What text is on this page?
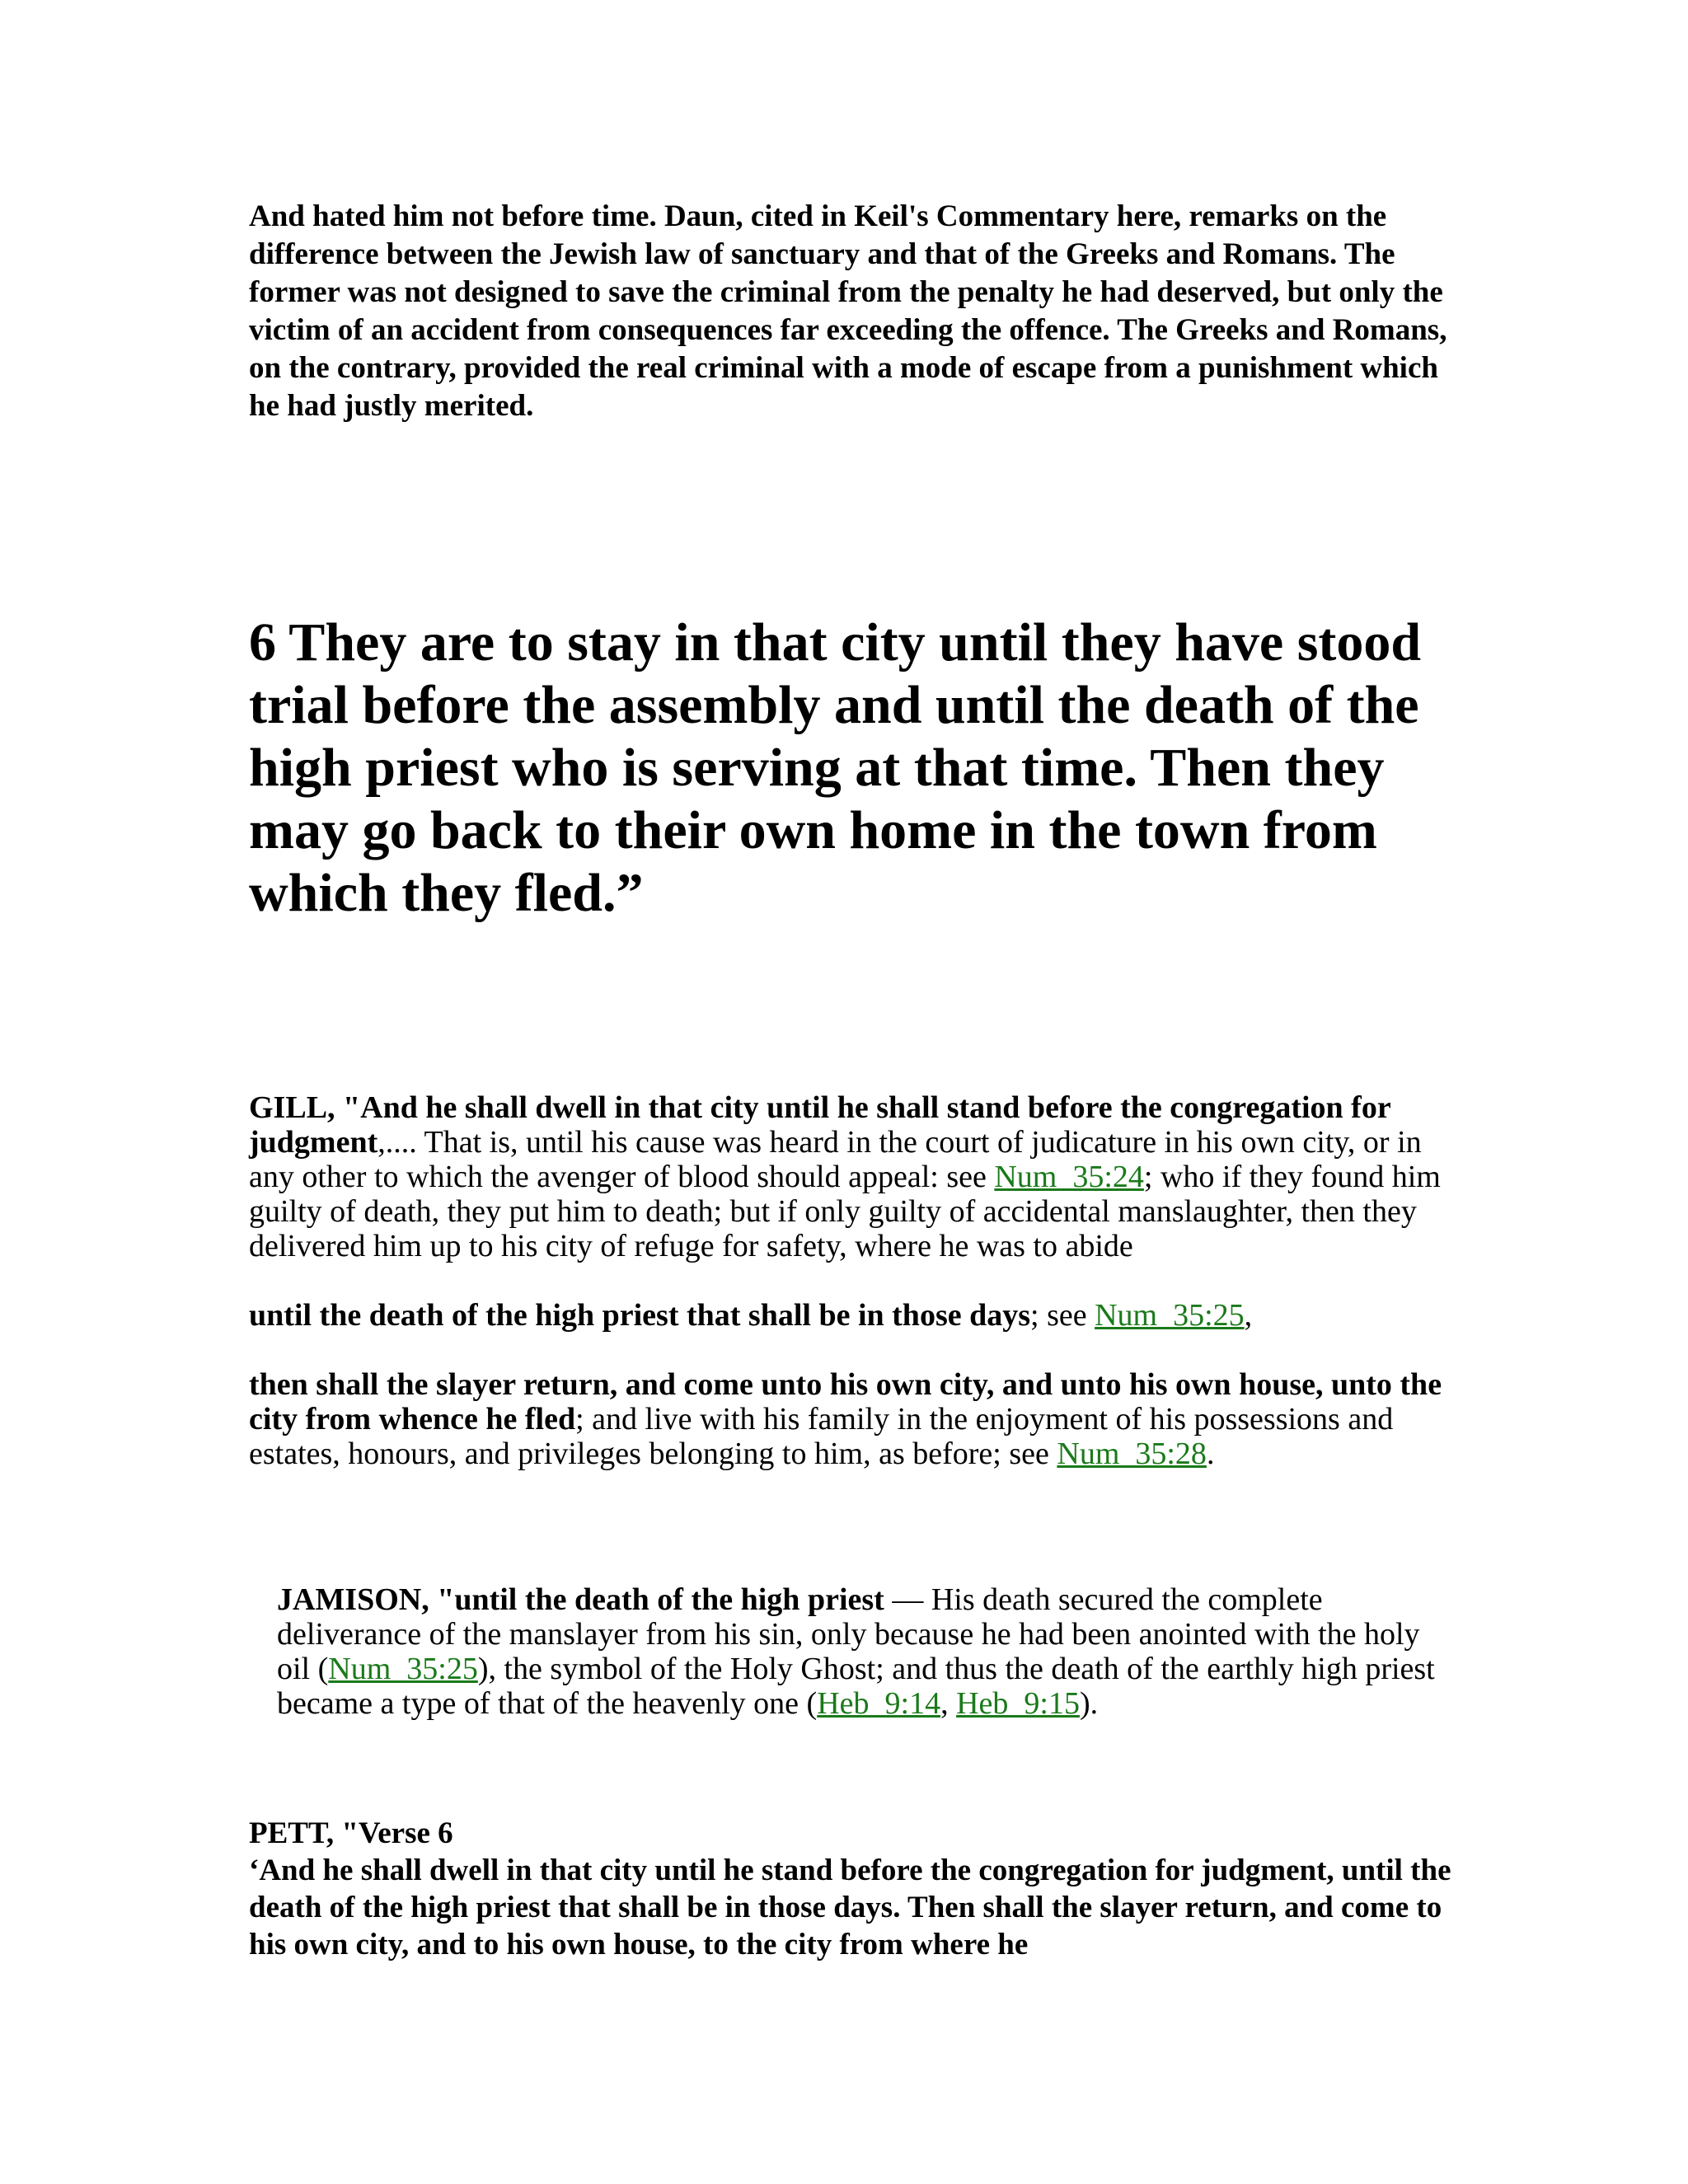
And hated him not before time. Daun, cited in Keil's Commentary here, remarks on the difference between the Jewish law of sanctuary and that of the Greeks and Romans. The former was not designed to save the criminal from the penalty he had deserved, but only the victim of an accident from consequences far exceeding the offence. The Greeks and Romans, on the contrary, provided the real criminal with a mode of escape from a punishment which he had justly merited.
6 They are to stay in that city until they have stood trial before the assembly and until the death of the high priest who is serving at that time. Then they may go back to their own home in the town from which they fled.”

GILL, "And he shall dwell in that city until he shall stand before the congregation for judgment,.... That is, until his cause was heard in the court of judicature in his own city, or in any other to which the avenger of blood should appeal: see Num_35:24; who if they found him guilty of death, they put him to death; but if only guilty of accidental manslaughter, then they delivered him up to his city of refuge for safety, where he was to abide

until the death of the high priest that shall be in those days; see Num_35:25,

then shall the slayer return, and come unto his own city, and unto his own house, unto the city from whence he fled; and live with his family in the enjoyment of his possessions and estates, honours, and privileges belonging to him, as before; see Num_35:28.

JAMISON, "until the death of the high priest — His death secured the complete deliverance of the manslayer from his sin, only because he had been anointed with the holy oil (Num_35:25), the symbol of the Holy Ghost; and thus the death of the earthly high priest became a type of that of the heavenly one (Heb_9:14, Heb_9:15).

PETT, "Verse 6

‘And he shall dwell in that city until he stand before the congregation for judgment, until the death of the high priest that shall be in those days. Then shall the slayer return, and come to his own city, and to his own house, to the city from where he
